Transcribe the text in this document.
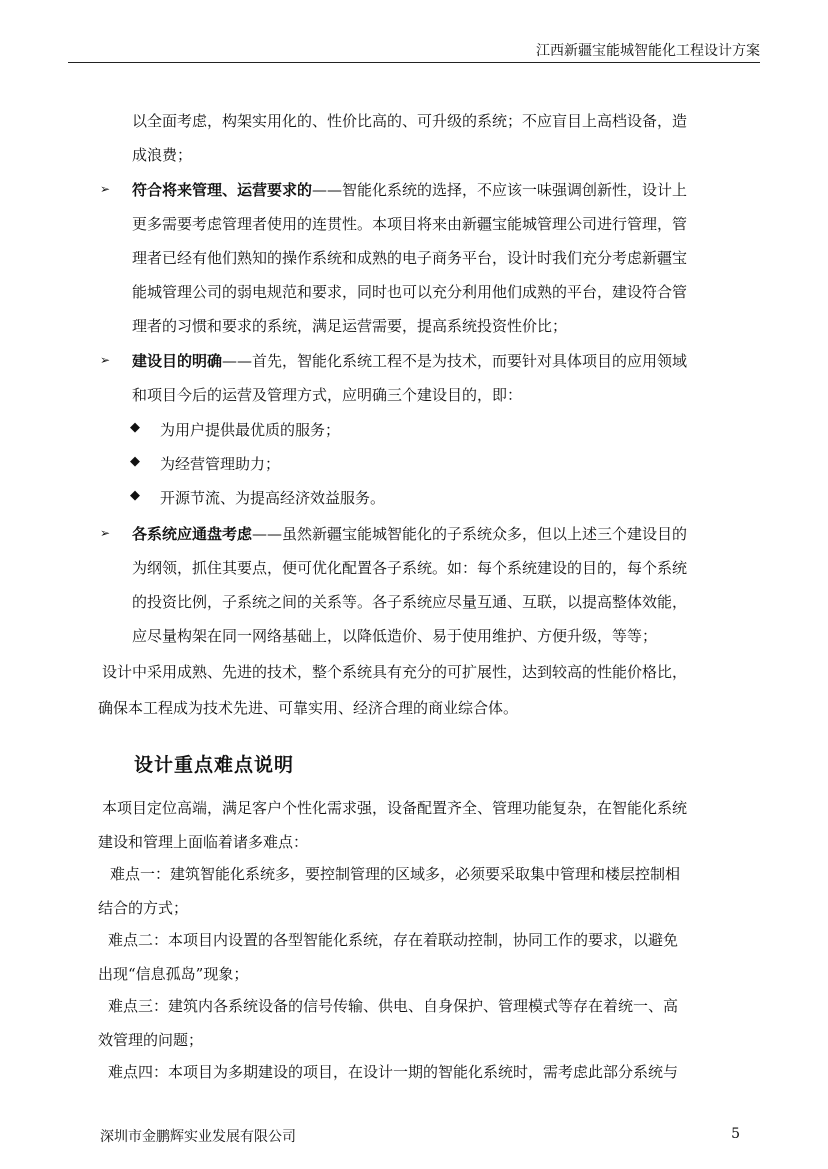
江西新疆宝能城智能化工程设计方案
以全面考虑，构架实用化的、性价比高的、可升级的系统；不应盲目上高档设备，造
成浪费；
➢ 符合将来管理、运营要求的——智能化系统的选择，不应该一味强调创新性，设计上
更多需要考虑管理者使用的连贯性。本项目将来由新疆宝能城管理公司进行管理，管
理者已经有他们熟知的操作系统和成熟的电子商务平台，设计时我们充分考虑新疆宝
能城管理公司的弱电规范和要求，同时也可以充分利用他们成熟的平台，建设符合管
理者的习惯和要求的系统，满足运营需要，提高系统投资性价比；
➢ 建设目的明确——首先，智能化系统工程不是为技术，而要针对具体项目的应用领域
和项目今后的运营及管理方式，应明确三个建设目的，即：
◆ 为用户提供最优质的服务；
◆ 为经营管理助力；
◆ 开源节流、为提高经济效益服务。
➢ 各系统应通盘考虑——虽然新疆宝能城智能化的子系统众多，但以上述三个建设目的
为纲领，抓住其要点，便可优化配置各子系统。如：每个系统建设的目的，每个系统
的投资比例，子系统之间的关系等。各子系统应尽量互通、互联，以提高整体效能，
应尽量构架在同一网络基础上，以降低造价、易于使用维护、方便升级，等等；
设计中采用成熟、先进的技术，整个系统具有充分的可扩展性，达到较高的性能价格比，
确保本工程成为技术先进、可靠实用、经济合理的商业综合体。
设计重点难点说明
本项目定位高端，满足客户个性化需求强，设备配置齐全、管理功能复杂，在智能化系统
建设和管理上面临着诸多难点：
难点一：建筑智能化系统多，要控制管理的区域多，必须要采取集中管理和楼层控制相
结合的方式；
难点二：本项目内设置的各型智能化系统，存在着联动控制，协同工作的要求，以避免
出现“信息孤岛”现象；
难点三：建筑内各系统设备的信号传输、供电、自身保护、管理模式等存在着统一、高
效管理的问题；
难点四：本项目为多期建设的项目，在设计一期的智能化系统时，需考虑此部分系统与
深圳市金鹏辉实业发展有限公司	5
